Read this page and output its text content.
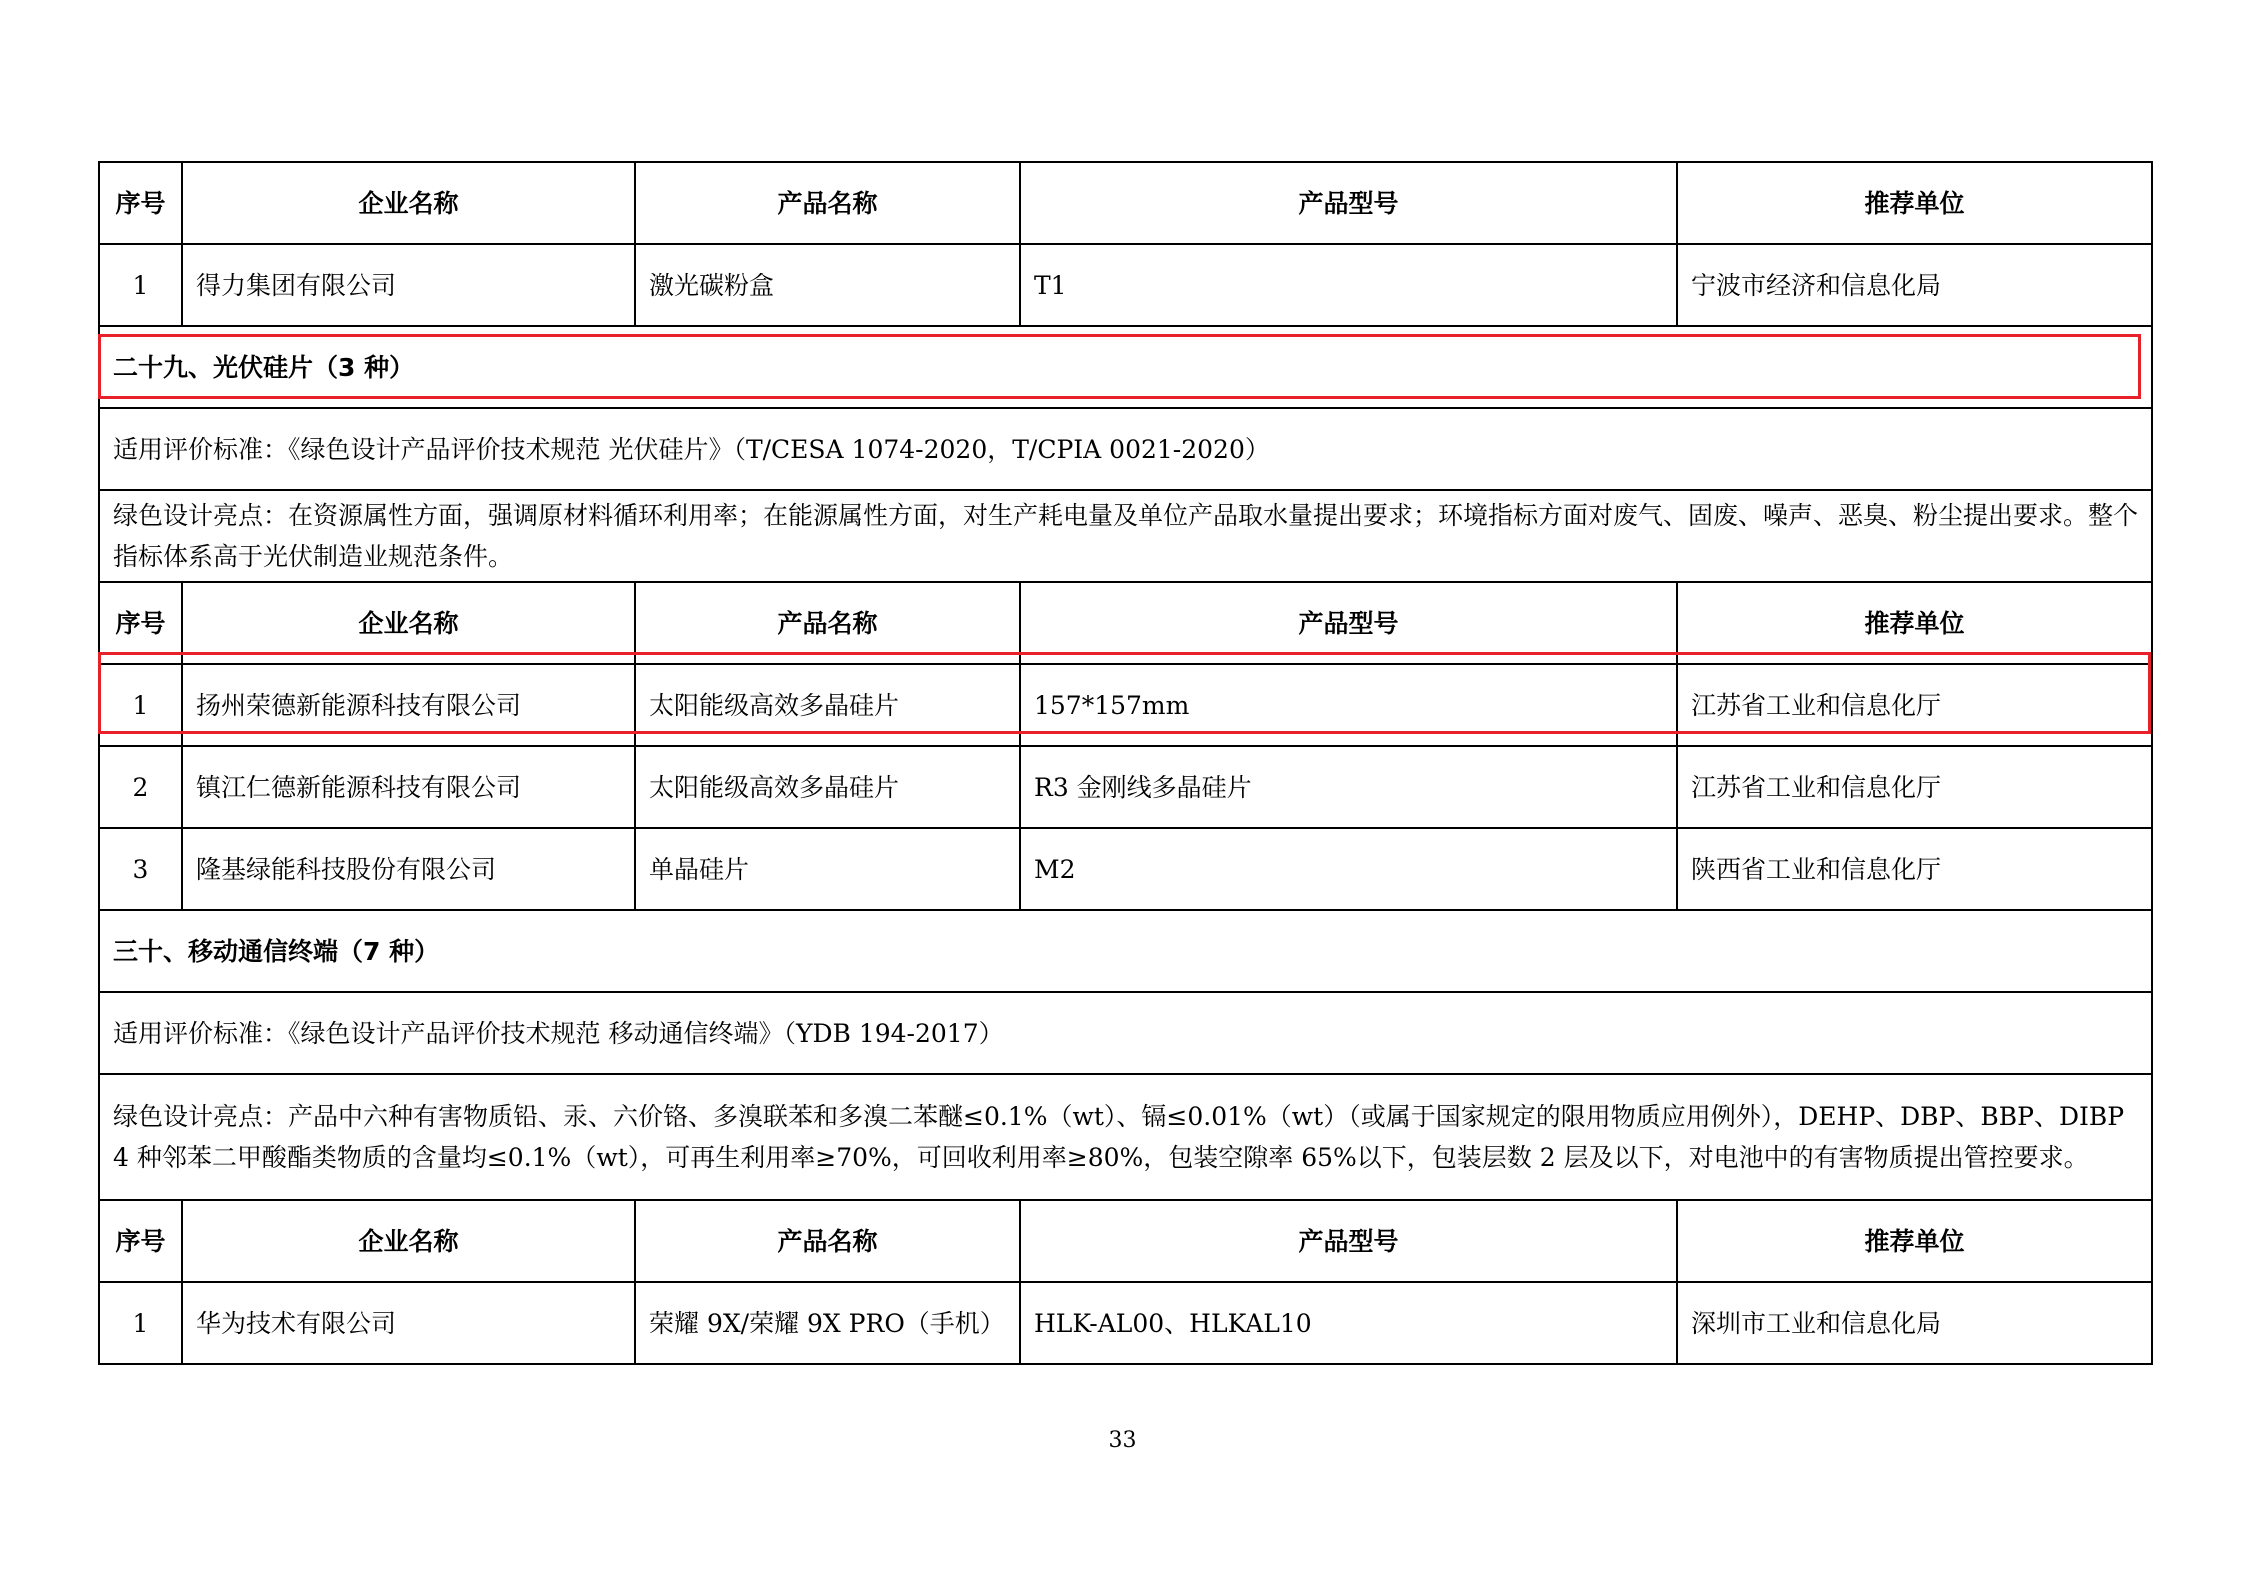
序号	企业名称	产品名称	产品型号	推荐单位
1	得力集团有限公司	激光碳粉盒	T1	宁波市经济和信息化局
二十九、光伏硅片（3 种）				
适用评价标准：《绿色设计产品评价技术规范 光伏硅片》（T/CESA 1074-2020，T/CPIA 0021-2020）				
绿色设计亮点：在资源属性方面，强调原材料循环利用率；在能源属性方面，对生产耗电量及单位产品取水量提出要求；环境指标方面对废气、固废、噪声、恶臭、粉尘提出要求。整个指标体系高于光伏制造业规范条件。				
序号	企业名称	产品名称	产品型号	推荐单位
1	扬州荣德新能源科技有限公司	太阳能级高效多晶硅片	157*157mm	江苏省工业和信息化厅
2	镇江仁德新能源科技有限公司	太阳能级高效多晶硅片	R3 金刚线多晶硅片	江苏省工业和信息化厅
3	隆基绿能科技股份有限公司	单晶硅片	M2	陕西省工业和信息化厅
三十、移动通信终端（7 种）				
适用评价标准：《绿色设计产品评价技术规范 移动通信终端》（YDB 194-2017）				
绿色设计亮点：产品中六种有害物质铅、汞、六价铬、多溴联苯和多溴二苯醚≤0.1%（wt）、镉≤0.01%（wt）（或属于国家规定的限用物质应用例外），DEHP、DBP、BBP、DIBP 4 种邻苯二甲酸酯类物质的含量均≤0.1%（wt），可再生利用率≥70%，可回收利用率≥80%，包装空隙率 65%以下，包装层数 2 层及以下，对电池中的有害物质提出管控要求。				
序号	企业名称	产品名称	产品型号	推荐单位
1	华为技术有限公司	荣耀 9X/荣耀 9X PRO（手机）	HLK-AL00、HLKAL10	深圳市工业和信息化局
33
